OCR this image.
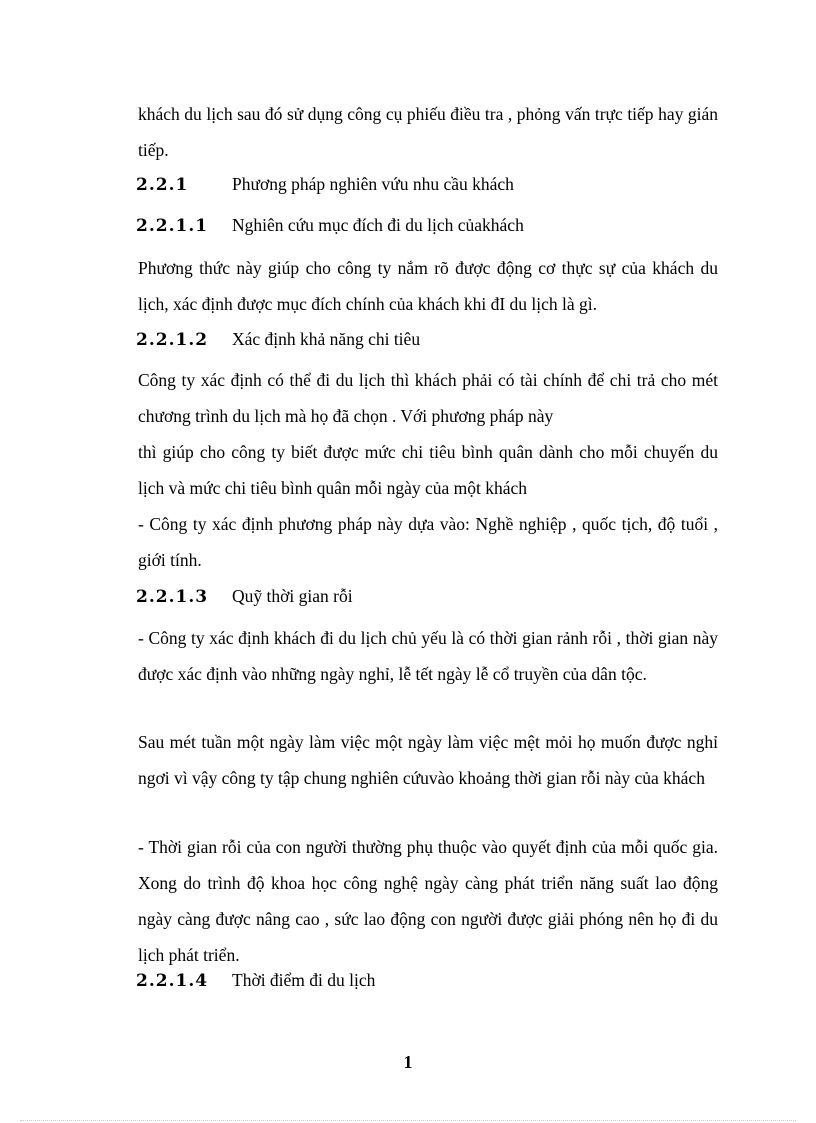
khách du lịch sau đó sử dụng công cụ phiếu điều tra , phỏng vấn trực tiếp hay gián tiếp.
2.2.1 Phương pháp nghiên vứu nhu cầu khách
2.2.1.1 Nghiên cứu mục đích đi du lịch củakhách
Phương thức này giúp cho công ty nắm rõ được động cơ thực sự của khách du lịch, xác định được mục đích chính của khách khi đI du lịch là gì.
2.2.1.2 Xác định khả năng chi tiêu
Công ty xác định có thể đi du lịch thì khách phải có tài chính để chi trả cho mét chương trình du lịch mà họ đã chọn . Với phương pháp này
thì giúp cho công ty biết được mức chi tiêu bình quân dành cho mỗi chuyến du lịch và mức chi tiêu bình quân mỗi ngày của một khách
- Công ty xác định phương pháp này dựa vào: Nghề nghiệp , quốc tịch, độ tuổi , giới tính.
2.2.1.3 Quỹ thời gian rỗi
- Công ty xác định khách đi du lịch chủ yếu là có thời gian rảnh rỗi , thời gian này được xác định vào những ngày nghỉ, lễ tết ngày lễ cổ truyền của dân tộc.
Sau mét tuần một ngày làm việc một ngày làm việc mệt mỏi họ muốn được nghỉ ngơi vì vậy công ty tập chung nghiên cứuvào khoảng thời gian rỗi này của khách
- Thời gian rỗi của con người thường phụ thuộc vào quyết định của mỗi quốc gia. Xong do trình độ khoa học công nghệ ngày càng phát triển năng suất lao động ngày càng được nâng cao , sức lao động con người được giải phóng nên họ đi du lịch phát triển.
2.2.1.4 Thời điểm đi du lịch
1
